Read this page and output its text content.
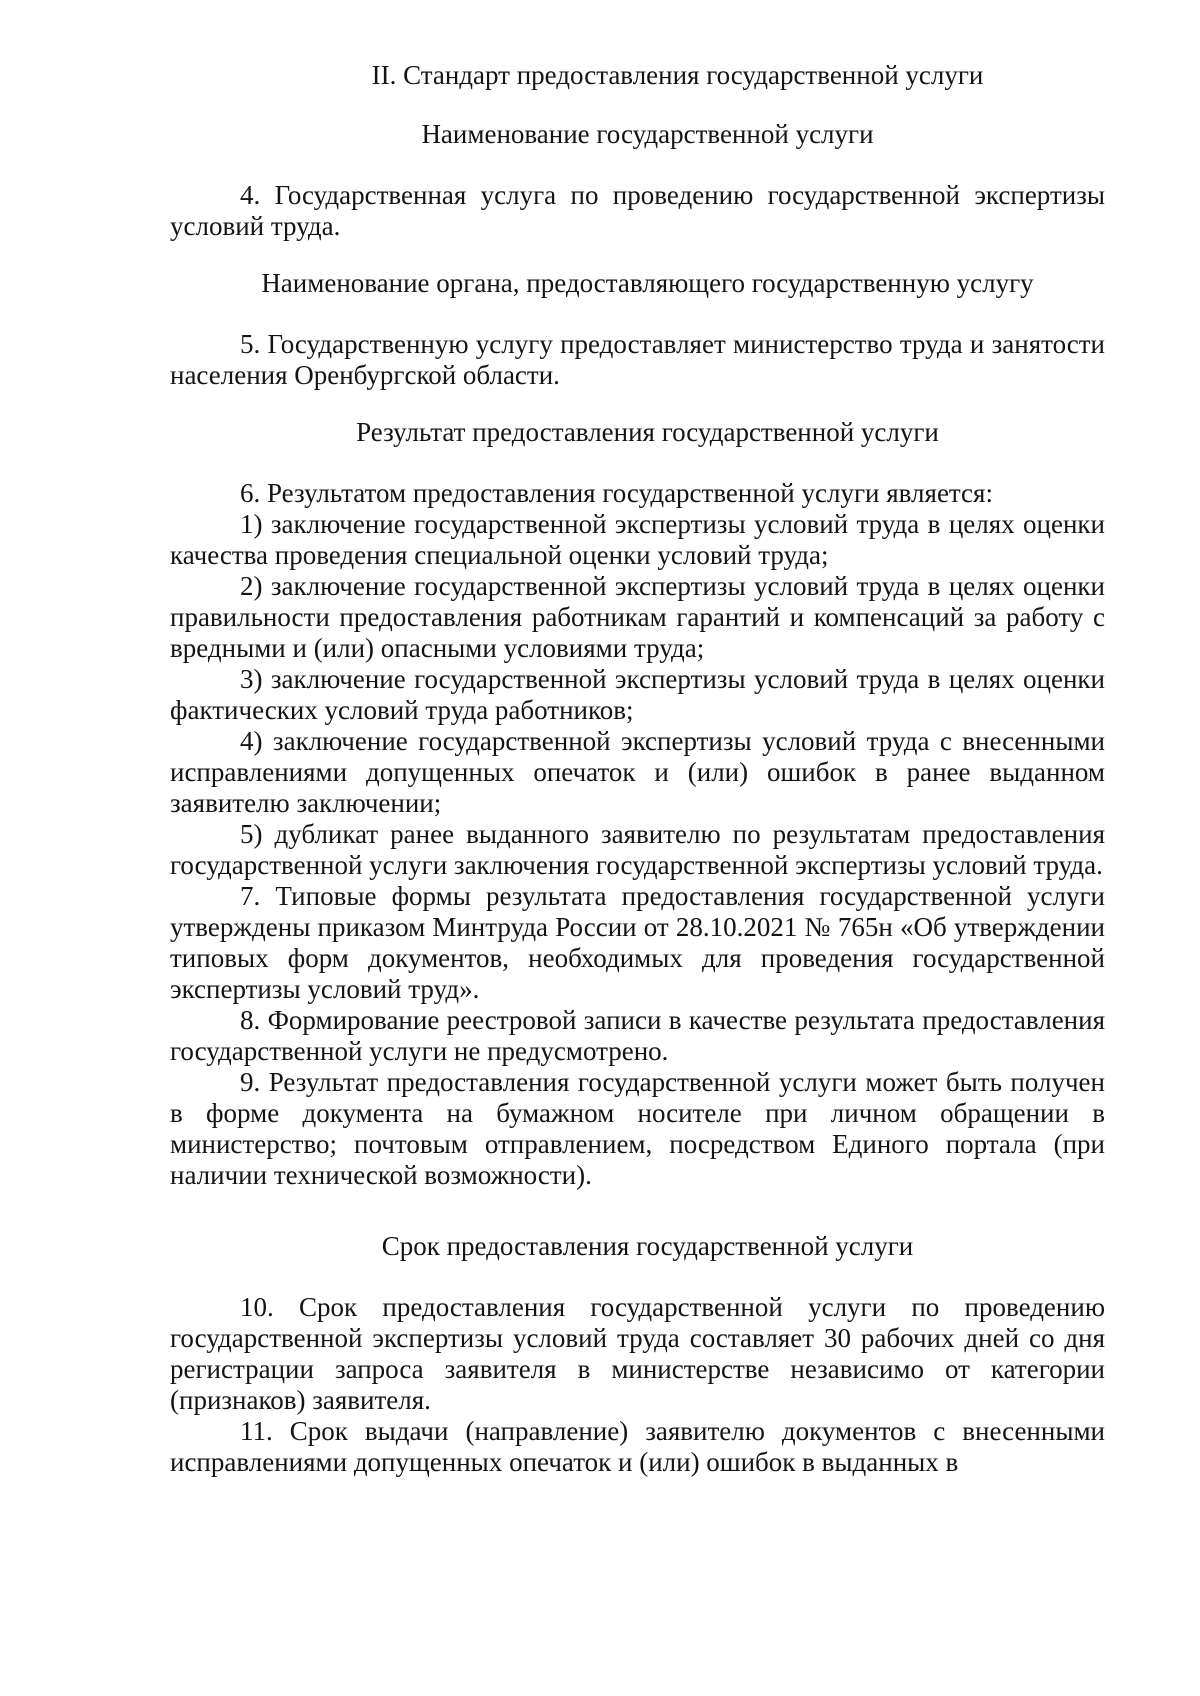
II. Стандарт предоставления государственной услуги

Наименование государственной услуги

4. Государственная услуга по проведению государственной экспертизы условий труда.

Наименование органа, предоставляющего государственную услугу

5. Государственную услугу предоставляет министерство труда и занятости населения Оренбургской области.

Результат предоставления государственной услуги

6. Результатом предоставления государственной услуги является:

1) заключение государственной экспертизы условий труда в целях оценки качества проведения специальной оценки условий труда;

2) заключение государственной экспертизы условий труда в целях оценки правильности предоставления работникам гарантий и компенсаций за работу с вредными и (или) опасными условиями труда;

3) заключение государственной экспертизы условий труда в целях оценки фактических условий труда работников;

4) заключение государственной экспертизы условий труда с внесенными исправлениями допущенных опечаток и (или) ошибок в ранее выданном заявителю заключении;

5) дубликат ранее выданного заявителю по результатам предоставления государственной услуги заключения государственной экспертизы условий труда.

7. Типовые формы результата предоставления государственной услуги утверждены приказом Минтруда России от 28.10.2021 № 765н «Об утверждении типовых форм документов, необходимых для проведения государственной экспертизы условий труд».

8. Формирование реестровой записи в качестве результата предоставления государственной услуги не предусмотрено.

9. Результат предоставления государственной услуги может быть получен в форме документа на бумажном носителе при личном обращении в министерство; почтовым отправлением, посредством Единого портала (при наличии технической возможности).

Срок предоставления государственной услуги

10. Срок предоставления государственной услуги по проведению государственной экспертизы условий труда составляет 30 рабочих дней со дня регистрации запроса заявителя в министерстве независимо от категории (признаков) заявителя.

11. Срок выдачи (направление) заявителю документов с внесенными исправлениями допущенных опечаток и (или) ошибок в выданных в
